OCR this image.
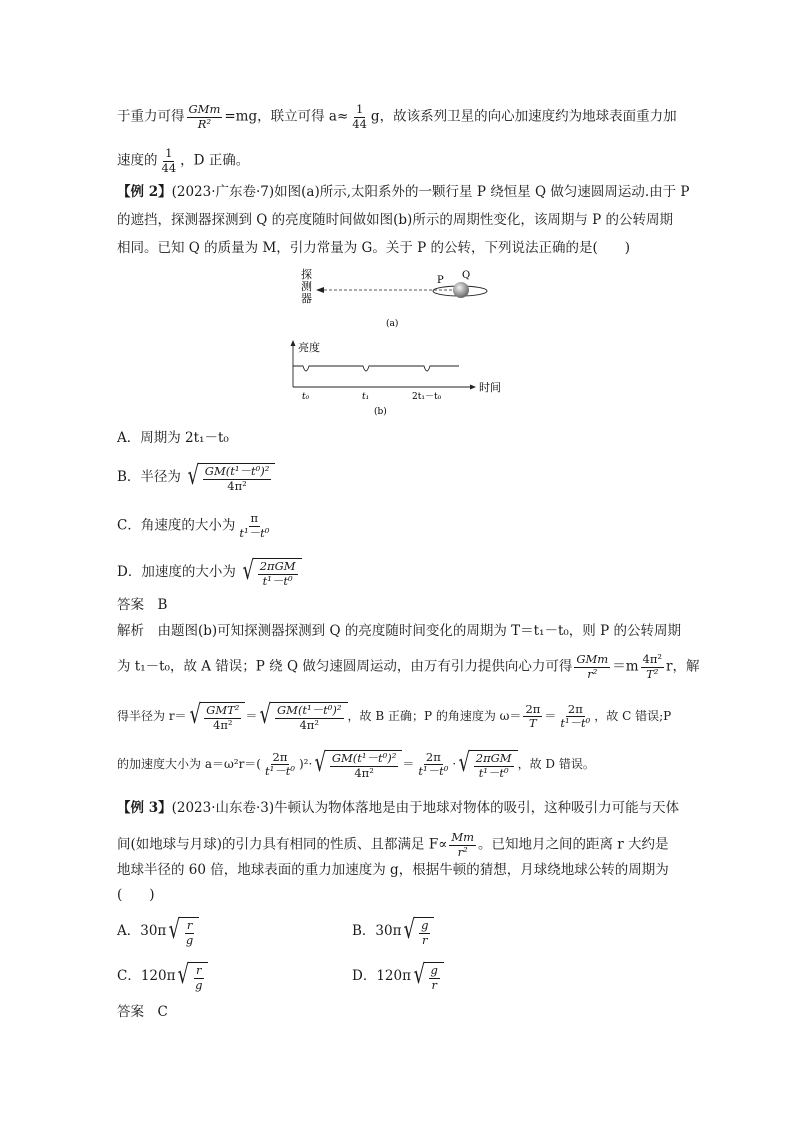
于重力可得 $\frac{\text{GMm}}{\text{R²}} =mg$，联立可得 $a\approx \frac{1}{44}$ g，故该系列卫星的向心加速度约为地球表面重力加
速度的 $\frac{1}{44}$ ，D 正确。
【例 2】(2023·广东卷·7)如图(a)所示,太阳系外的一颗行星 P 绕恒星 Q 做匀速圆周运动.由于 P
的遮挡，探测器探测到 Q 的亮度随时间做如图(b)所示的周期性变化，该周期与 P 的公转周期
相同。已知 Q 的质量为 M，引力常量为 G。关于 P 的公转，下列说法正确的是(　　)
探
测
器
P Q
(a)
亮度
时间
t₀	t₁	2t₁－t₀
(b)
A．周期为 2t₁－t₀
B．半径为 √ $\frac{\text{GM(t¹－t⁰)²}}{\text{4π²}}$
C．角速度的大小为 $\frac{\pi}{\text{t¹－t⁰}}$
D．加速度的大小为 √ $\frac{\text{2πGM}}{\text{t¹－t⁰}}$
答案　B
解析　由题图(b)可知探测器探测到 Q 的亮度随时间变化的周期为 T＝t₁－t₀，则 P 的公转周期
为 t₁－t₀，故 A 错误；P 绕 Q 做匀速圆周运动，由万有引力提供向心力可得 $\frac{\text{GMm}}{\text{r²}} =m \frac{\text{4π²}}{\text{T²}}$ r，解
得半径为 r＝ √ $\frac{\text{GMT²}}{\text{4π²}}$ ＝ √ $\frac{\text{GM(t¹－t⁰)²}}{\text{4π²}}$ ，故 B 正确；P 的角速度为 $\omega= \frac{2\pi}{T} = \frac{2\pi}{\text{t¹－t⁰}}$ ，故 C 错误;P
的加速度大小为 $a=\omega^2r=( \frac{2\pi}{\text{t¹－t⁰}} )^2\cdot$ √ $\frac{\text{GM(t¹－t⁰)²}}{\text{4π²}} = \frac{2\pi}{\text{t¹－t⁰}}$ · √ $\frac{\text{2πGM}}{\text{t¹－t⁰}}$ ，故 D 错误。
【例 3】(2023·山东卷·3)牛顿认为物体落地是由于地球对物体的吸引，这种吸引力可能与天体
间(如地球与月球)的引力具有相同的性质、且都满足 $F\propto \frac{Mm}{\text{r²}}$ 。已知地月之间的距离 r 大约是
地球半径的 60 倍，地球表面的重力加速度为 g，根据牛顿的猜想，月球绕地球公转的周期为
(　　)
A．30π √ $\frac{r}{g}$	B．30π √ $\frac{g}{r}$
C．120π √ $\frac{r}{g}$	D．120π √ $\frac{g}{r}$
答案　C
